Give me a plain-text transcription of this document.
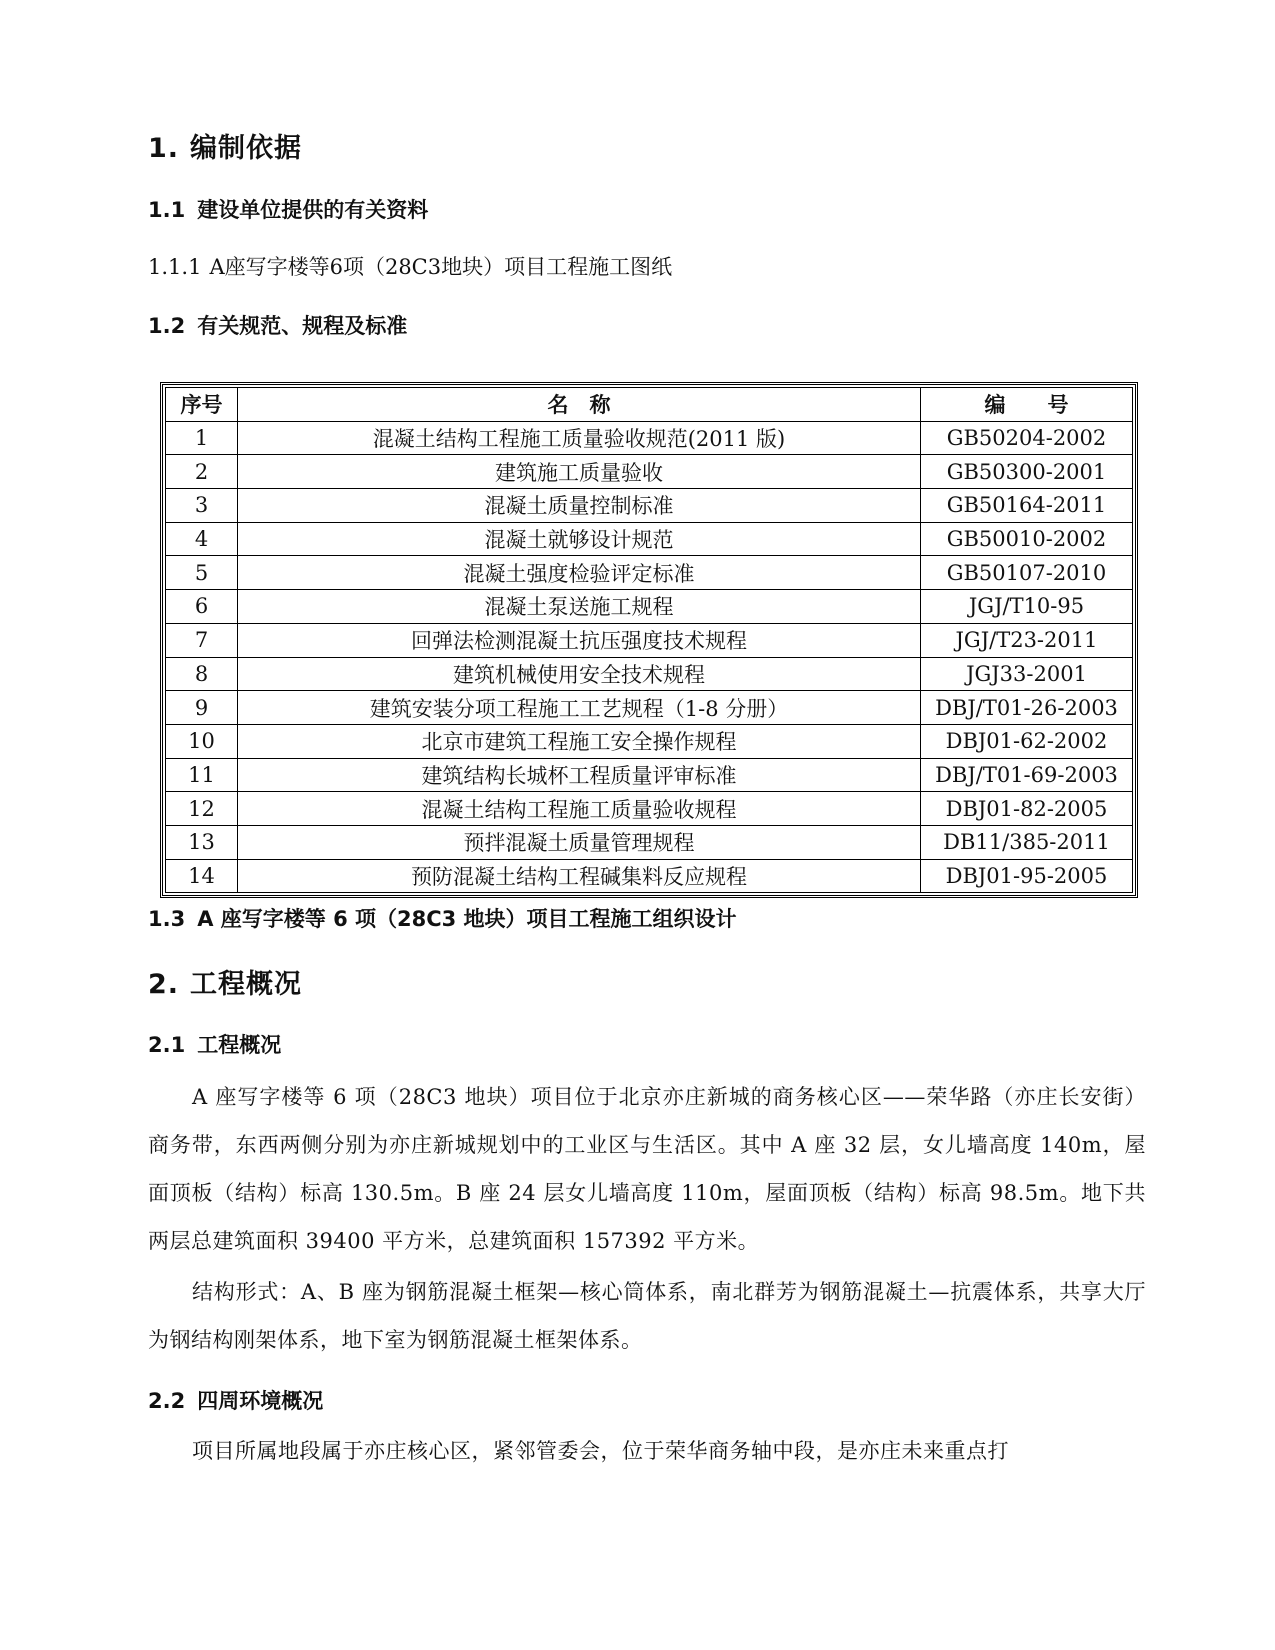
1. 编制依据
1.1 建设单位提供的有关资料
1.1.1 A座写字楼等6项（28C3地块）项目工程施工图纸
1.2 有关规范、规程及标准
序号	名　称	编　　号
1	混凝土结构工程施工质量验收规范(2011 版)	GB50204-2002
2	建筑施工质量验收	GB50300-2001
3	混凝土质量控制标准	GB50164-2011
4	混凝土就够设计规范	GB50010-2002
5	混凝土强度检验评定标准	GB50107-2010
6	混凝土泵送施工规程	JGJ/T10-95
7	回弹法检测混凝土抗压强度技术规程	JGJ/T23-2011
8	建筑机械使用安全技术规程	JGJ33-2001
9	建筑安装分项工程施工工艺规程（1-8 分册）	DBJ/T01-26-2003
10	北京市建筑工程施工安全操作规程	DBJ01-62-2002
11	建筑结构长城杯工程质量评审标准	DBJ/T01-69-2003
12	混凝土结构工程施工质量验收规程	DBJ01-82-2005
13	预拌混凝土质量管理规程	DB11/385-2011
14	预防混凝土结构工程碱集料反应规程	DBJ01-95-2005
1.3 A 座写字楼等 6 项（28C3 地块）项目工程施工组织设计
2. 工程概况
2.1 工程概况
A 座写字楼等 6 项（28C3 地块）项目位于北京亦庄新城的商务核心区——荣华路（亦庄长安街）商务带，东西两侧分别为亦庄新城规划中的工业区与生活区。其中 A 座 32 层，女儿墙高度 140m，屋面顶板（结构）标高 130.5m。B 座 24 层女儿墙高度 110m，屋面顶板（结构）标高 98.5m。地下共两层总建筑面积 39400 平方米，总建筑面积 157392 平方米。
结构形式：A、B 座为钢筋混凝土框架—核心筒体系，南北群芳为钢筋混凝土—抗震体系，共享大厅为钢结构刚架体系，地下室为钢筋混凝土框架体系。
2.2 四周环境概况
项目所属地段属于亦庄核心区，紧邻管委会，位于荣华商务轴中段，是亦庄未来重点打
